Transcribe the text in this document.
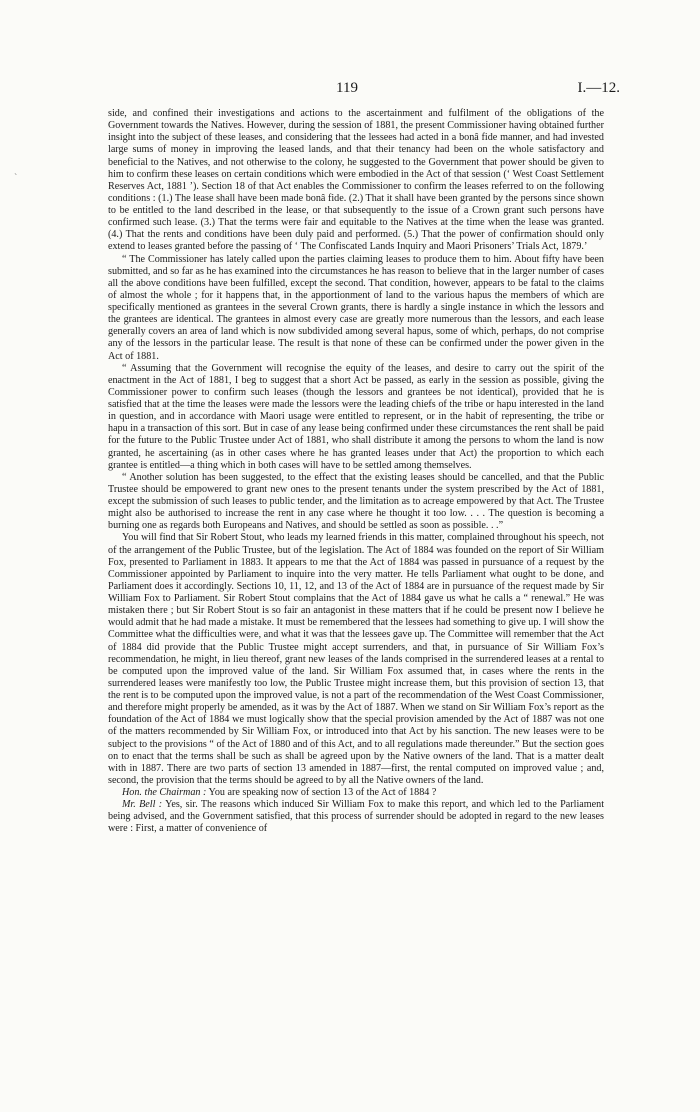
119	I.—12.
`

side, and confined their investigations and actions to the ascertainment and fulfilment of the obligations of the Government towards the Natives. However, during the session of 1881, the present Commissioner having obtained further insight into the subject of these leases, and considering that the lessees had acted in a bonâ fide manner, and had invested large sums of money in improving the leased lands, and that their tenancy had been on the whole satisfactory and beneficial to the Natives, and not otherwise to the colony, he suggested to the Government that power should be given to him to confirm these leases on certain conditions which were embodied in the Act of that session (‘ West Coast Settlement Reserves Act, 1881 ’). Section 18 of that Act enables the Commissioner to confirm the leases referred to on the following conditions : (1.) The lease shall have been made bonâ fide. (2.) That it shall have been granted by the persons since shown to be entitled to the land described in the lease, or that subsequently to the issue of a Crown grant such persons have confirmed such lease. (3.) That the terms were fair and equitable to the Natives at the time when the lease was granted. (4.) That the rents and conditions have been duly paid and performed. (5.) That the power of confirmation should only extend to leases granted before the passing of ‘ The Confiscated Lands Inquiry and Maori Prisoners’ Trials Act, 1879.’

“ The Commissioner has lately called upon the parties claiming leases to produce them to him. About fifty have been submitted, and so far as he has examined into the circumstances he has reason to believe that in the larger number of cases all the above conditions have been fulfilled, except the second. That condition, however, appears to be fatal to the claims of almost the whole ; for it happens that, in the apportionment of land to the various hapus the members of which are specifically mentioned as grantees in the several Crown grants, there is hardly a single instance in which the lessors and the grantees are identical. The grantees in almost every case are greatly more numerous than the lessors, and each lease generally covers an area of land which is now subdivided among several hapus, some of which, perhaps, do not comprise any of the lessors in the particular lease. The result is that none of these can be confirmed under the power given in the Act of 1881.

“ Assuming that the Government will recognise the equity of the leases, and desire to carry out the spirit of the enactment in the Act of 1881, I beg to suggest that a short Act be passed, as early in the session as possible, giving the Commissioner power to confirm such leases (though the lessors and grantees be not identical), provided that he is satisfied that at the time the leases were made the lessors were the leading chiefs of the tribe or hapu interested in the land in question, and in accordance with Maori usage were entitled to represent, or in the habit of representing, the tribe or hapu in a transaction of this sort. But in case of any lease being confirmed under these circumstances the rent shall be paid for the future to the Public Trustee under Act of 1881, who shall distribute it among the persons to whom the land is now granted, he ascertaining (as in other cases where he has granted leases under that Act) the proportion to which each grantee is entitled—a thing which in both cases will have to be settled among themselves.

“ Another solution has been suggested, to the effect that the existing leases should be cancelled, and that the Public Trustee should be empowered to grant new ones to the present tenants under the system prescribed by the Act of 1881, except the submission of such leases to public tender, and the limitation as to acreage empowered by that Act. The Trustee might also be authorised to increase the rent in any case where he thought it too low. . . . The question is becoming a burning one as regards both Europeans and Natives, and should be settled as soon as possible. . .”

You will find that Sir Robert Stout, who leads my learned friends in this matter, complained throughout his speech, not of the arrangement of the Public Trustee, but of the legislation. The Act of 1884 was founded on the report of Sir William Fox, presented to Parliament in 1883. It appears to me that the Act of 1884 was passed in pursuance of a request by the Commissioner appointed by Parliament to inquire into the very matter. He tells Parliament what ought to be done, and Parliament does it accordingly. Sections 10, 11, 12, and 13 of the Act of 1884 are in pursuance of the request made by Sir William Fox to Parliament. Sir Robert Stout complains that the Act of 1884 gave us what he calls a “ renewal.” He was mistaken there ; but Sir Robert Stout is so fair an antagonist in these matters that if he could be present now I believe he would admit that he had made a mistake. It must be remembered that the lessees had something to give up. I will show the Committee what the difficulties were, and what it was that the lessees gave up. The Committee will remember that the Act of 1884 did provide that the Public Trustee might accept surrenders, and that, in pursuance of Sir William Fox’s recommendation, he might, in lieu thereof, grant new leases of the lands comprised in the surrendered leases at a rental to be computed upon the improved value of the land. Sir William Fox assumed that, in cases where the rents in the surrendered leases were manifestly too low, the Public Trustee might increase them, but this provision of section 13, that the rent is to be computed upon the improved value, is not a part of the recommendation of the West Coast Commissioner, and therefore might properly be amended, as it was by the Act of 1887. When we stand on Sir William Fox’s report as the foundation of the Act of 1884 we must logically show that the special provision amended by the Act of 1887 was not one of the matters recommended by Sir William Fox, or introduced into that Act by his sanction. The new leases were to be subject to the provisions “ of the Act of 1880 and of this Act, and to all regulations made thereunder.” But the section goes on to enact that the terms shall be such as shall be agreed upon by the Native owners of the land. That is a matter dealt with in 1887. There are two parts of section 13 amended in 1887—first, the rental computed on improved value ; and, second, the provision that the terms should be agreed to by all the Native owners of the land.

Hon. the Chairman : You are speaking now of section 13 of the Act of 1884 ?

Mr. Bell : Yes, sir. The reasons which induced Sir William Fox to make this report, and which led to the Parliament being advised, and the Government satisfied, that this process of surrender should be adopted in regard to the new leases were : First, a matter of convenience of
